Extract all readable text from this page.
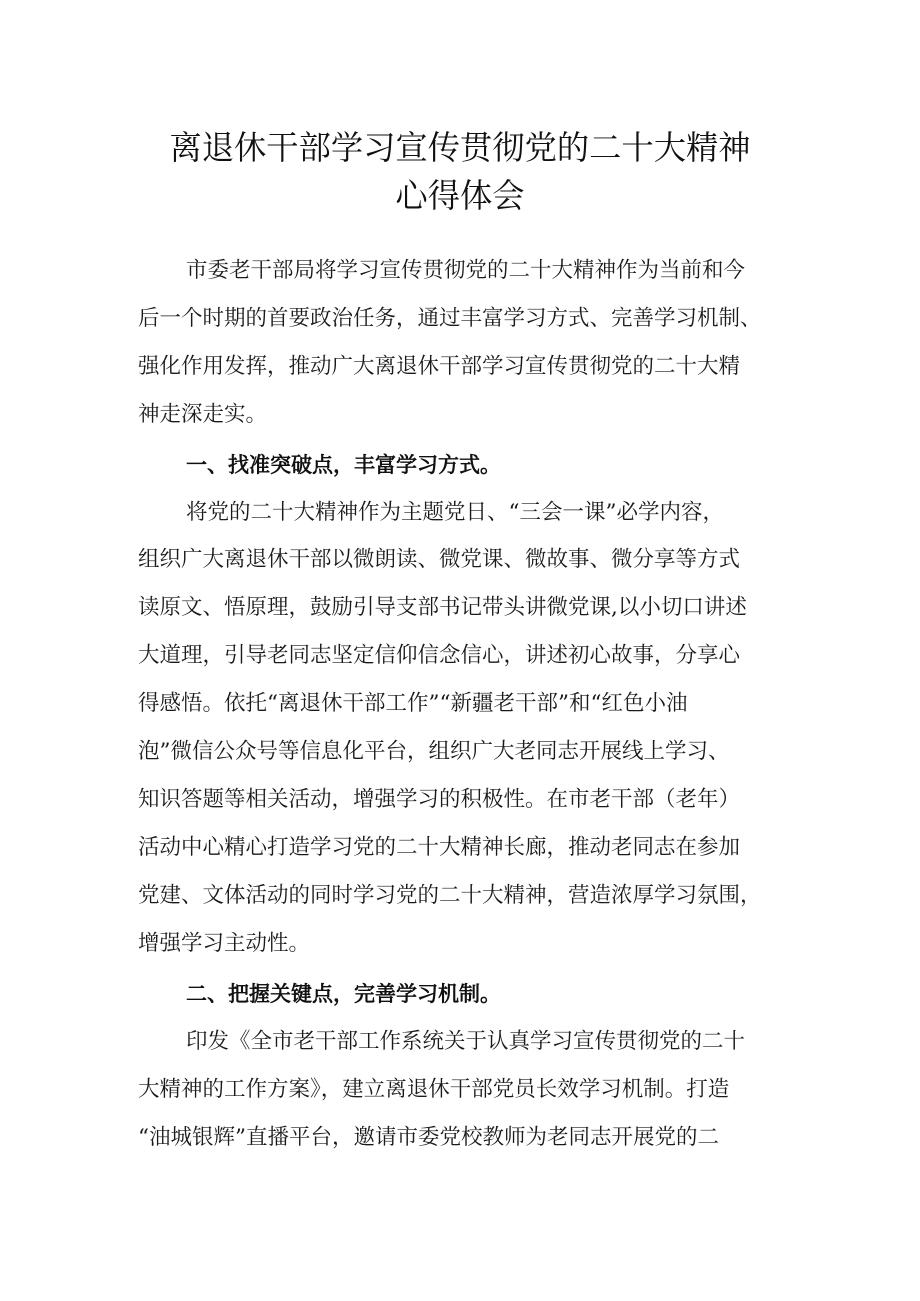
离退休干部学习宣传贯彻党的二十大精神
心得体会
市委老干部局将学习宣传贯彻党的二十大精神作为当前和今
后一个时期的首要政治任务，通过丰富学习方式、完善学习机制、
强化作用发挥，推动广大离退休干部学习宣传贯彻党的二十大精
神走深走实。
一、找准突破点，丰富学习方式。
将党的二十大精神作为主题党日、“三会一课”必学内容，
组织广大离退休干部以微朗读、微党课、微故事、微分享等方式
读原文、悟原理，鼓励引导支部书记带头讲微党课,以小切口讲述
大道理，引导老同志坚定信仰信念信心，讲述初心故事，分享心
得感悟。依托“离退休干部工作”“新疆老干部”和“红色小油
泡”微信公众号等信息化平台，组织广大老同志开展线上学习、
知识答题等相关活动，增强学习的积极性。在市老干部（老年）
活动中心精心打造学习党的二十大精神长廊，推动老同志在参加
党建、文体活动的同时学习党的二十大精神，营造浓厚学习氛围，
增强学习主动性。
二、把握关键点，完善学习机制。
印发《全市老干部工作系统关于认真学习宣传贯彻党的二十
大精神的工作方案》，建立离退休干部党员长效学习机制。打造
“油城银辉”直播平台，邀请市委党校教师为老同志开展党的二
